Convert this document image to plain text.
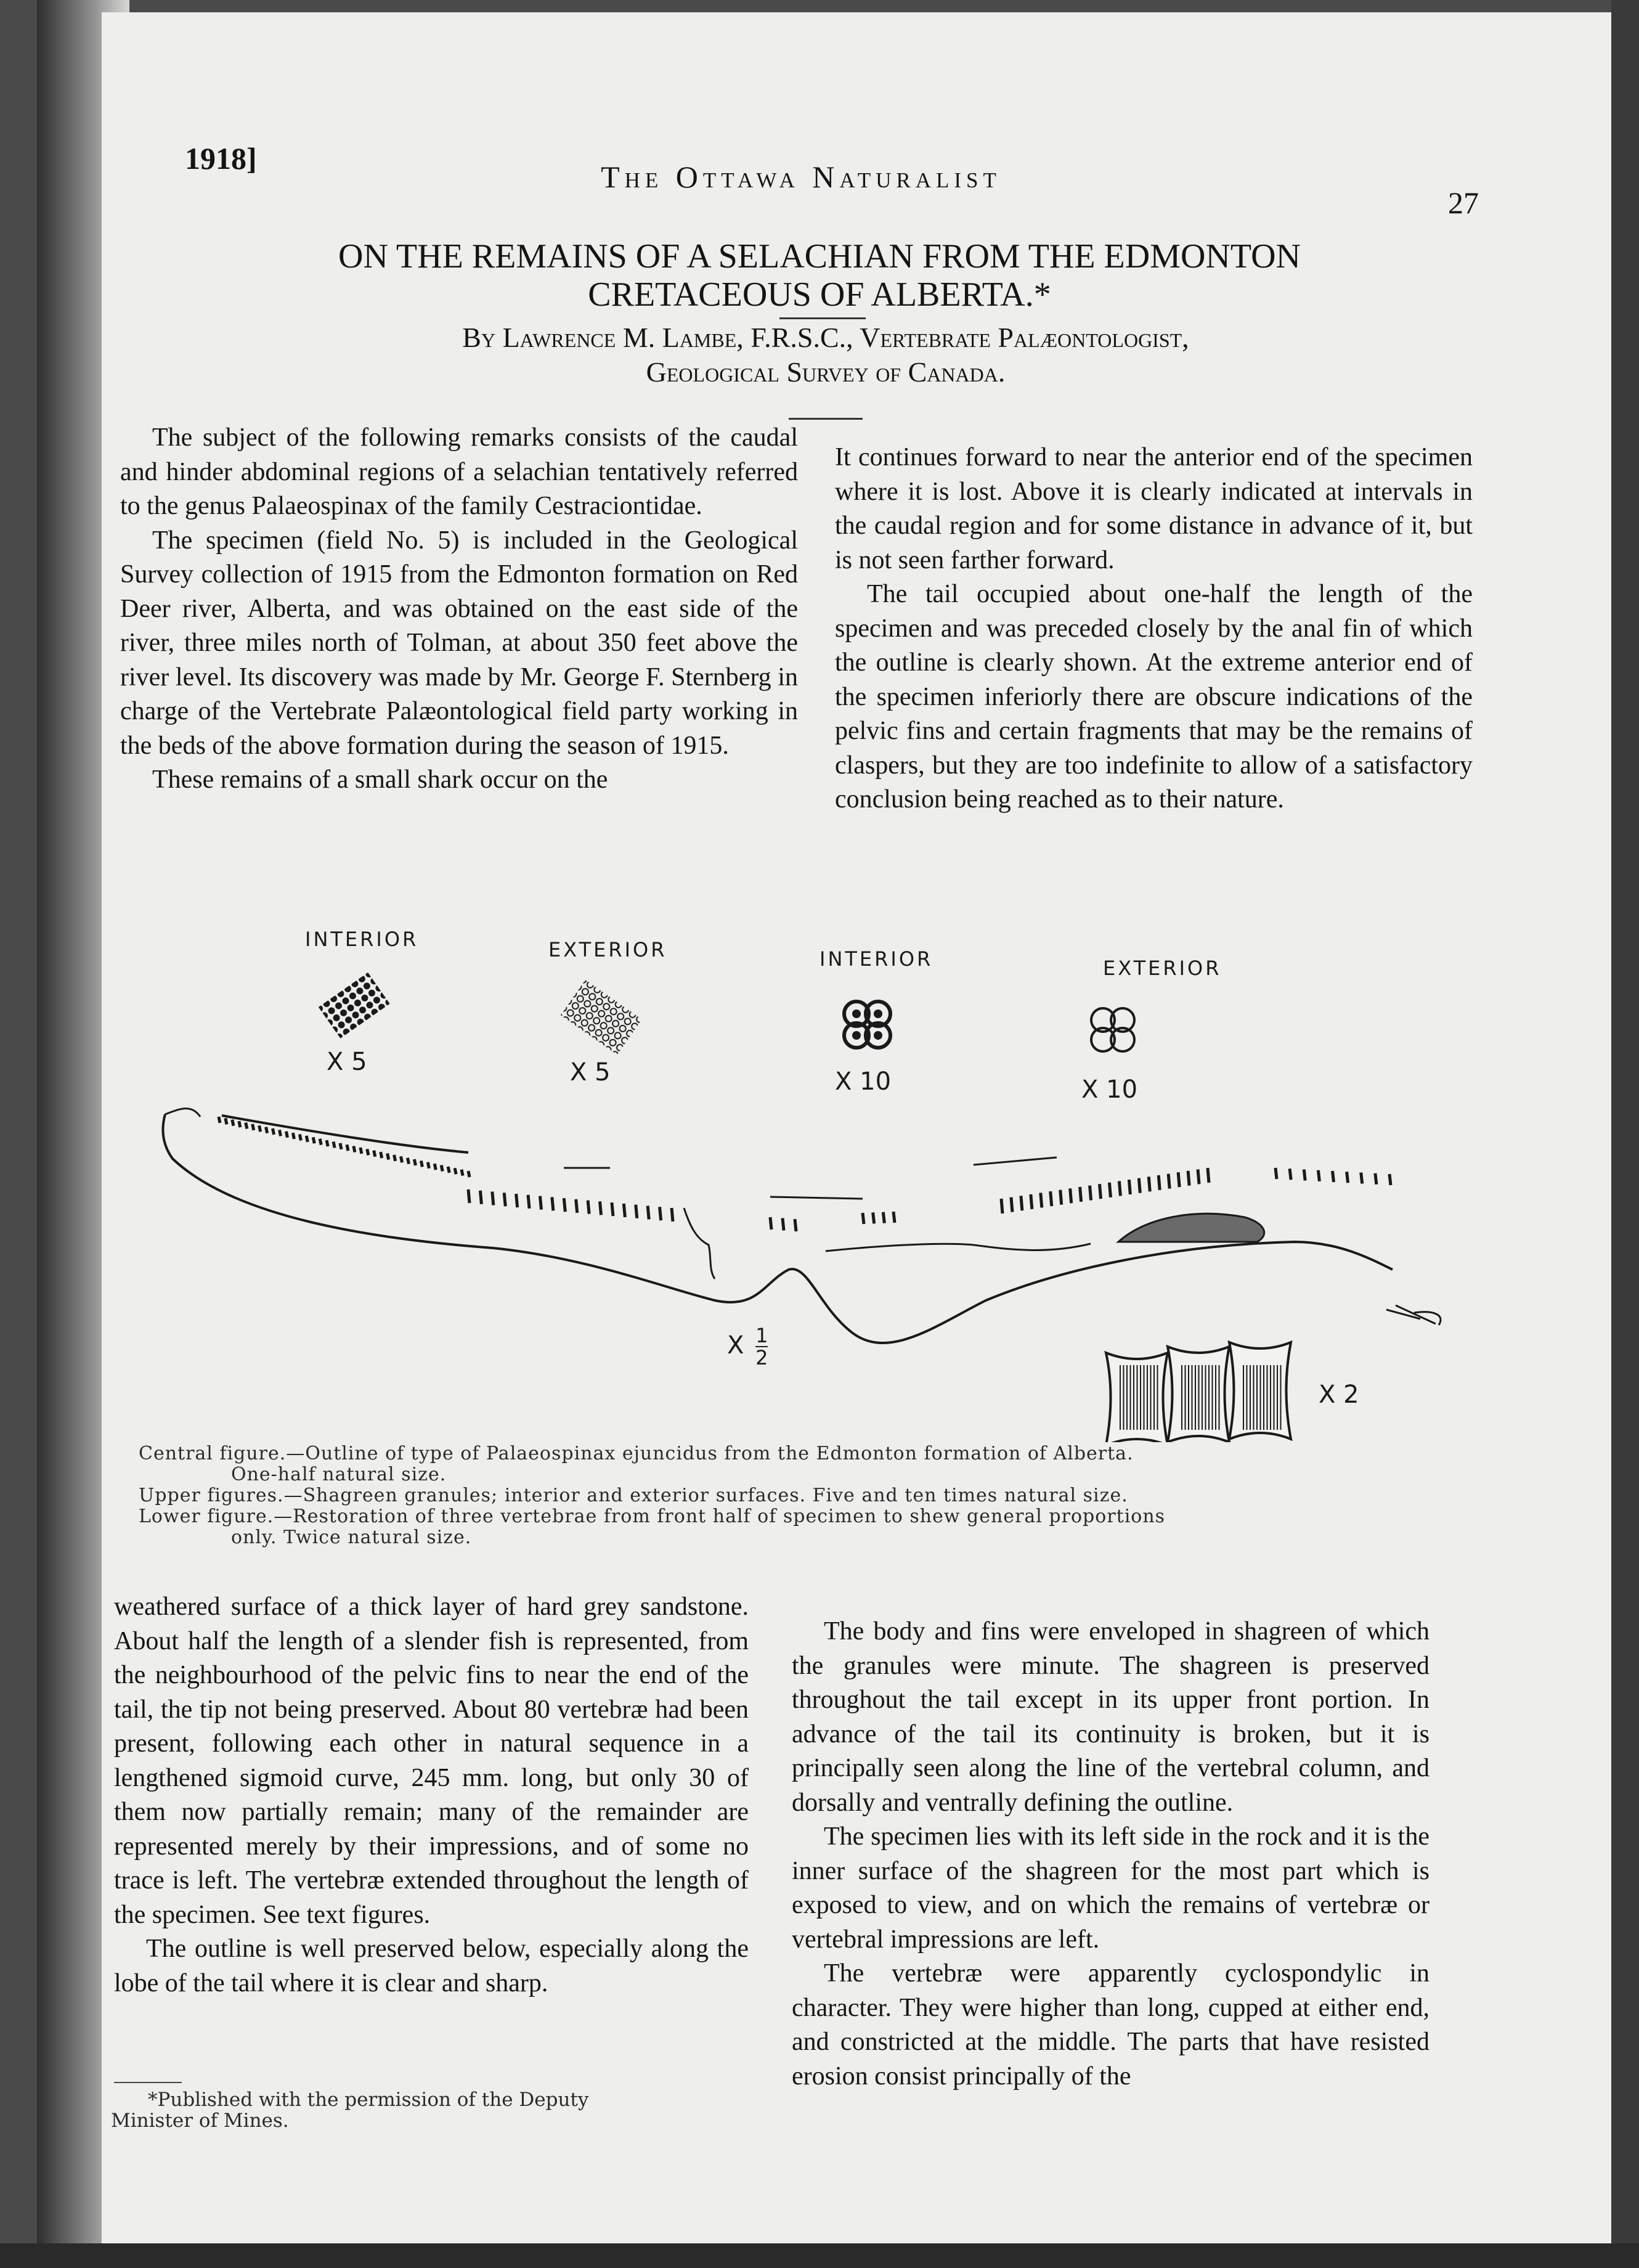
1918]
The Ottawa Naturalist
27
ON THE REMAINS OF A SELACHIAN FROM THE EDMONTON
CRETACEOUS OF ALBERTA.*
By Lawrence M. Lambe, F.R.S.C., Vertebrate Palæontologist,
Geological Survey of Canada.

The subject of the following remarks consists of the caudal and hinder abdominal regions of a selachian tentatively referred to the genus Palaeospinax of the family Cestraciontidae.

The specimen (field No. 5) is included in the Geological Survey collection of 1915 from the Edmonton formation on Red Deer river, Alberta, and was obtained on the east side of the river, three miles north of Tolman, at about 350 feet above the river level. Its discovery was made by Mr. George F. Sternberg in charge of the Vertebrate Palæontological field party working in the beds of the above formation during the season of 1915.

These remains of a small shark occur on the

It continues forward to near the anterior end of the specimen where it is lost. Above it is clearly indicated at intervals in the caudal region and for some distance in advance of it, but is not seen farther forward.

The tail occupied about one-half the length of the specimen and was preceded closely by the anal fin of which the outline is clearly shown. At the extreme anterior end of the specimen inferiorly there are obscure indications of the pelvic fins and certain fragments that may be the remains of claspers, but they are too indefinite to allow of a satisfactory conclusion being reached as to their nature.

INTERIOR	EXTERIOR	INTERIOR	EXTERIOR
X 5	X 5	X 10	X 10
X $\frac{1}{2}$
X 2

Central figure.—Outline of type of Palaeospinax ejuncidus from the Edmonton formation of Alberta.

One-half natural size.

Upper figures.—Shagreen granules; interior and exterior surfaces. Five and ten times natural size.

Lower figure.—Restoration of three vertebrae from front half of specimen to shew general proportions

only. Twice natural size.

weathered surface of a thick layer of hard grey sandstone. About half the length of a slender fish is represented, from the neighbourhood of the pelvic fins to near the end of the tail, the tip not being preserved. About 80 vertebræ had been present, following each other in natural sequence in a lengthened sigmoid curve, 245 mm. long, but only 30 of them now partially remain; many of the remainder are represented merely by their impressions, and of some no trace is left. The vertebræ extended throughout the length of the specimen. See text figures.

The outline is well preserved below, especially along the lobe of the tail where it is clear and sharp.

The body and fins were enveloped in shagreen of which the granules were minute. The shagreen is preserved throughout the tail except in its upper front portion. In advance of the tail its continuity is broken, but it is principally seen along the line of the vertebral column, and dorsally and ventrally defining the outline.

The specimen lies with its left side in the rock and it is the inner surface of the shagreen for the most part which is exposed to view, and on which the remains of vertebræ or vertebral impressions are left.

The vertebræ were apparently cyclospondylic in character. They were higher than long, cupped at either end, and constricted at the middle. The parts that have resisted erosion consist principally of the

*Published with the permission of the Deputy
Minister of Mines.
